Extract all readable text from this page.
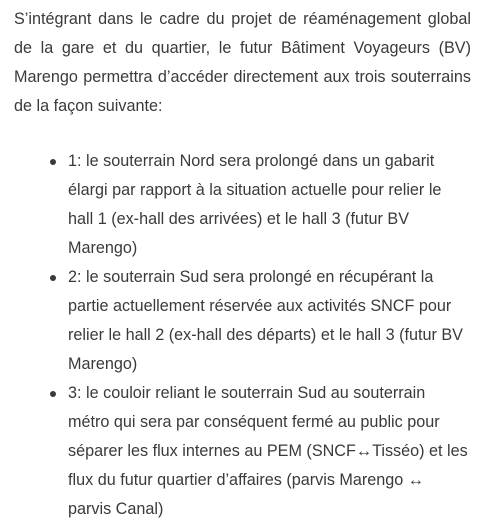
S’intégrant dans le cadre du projet de réaménagement global de la gare et du quartier, le futur Bâtiment Voyageurs (BV) Marengo permettra d’accéder directement aux trois souterrains de la façon suivante:

1: le souterrain Nord sera prolongé dans un gabarit élargi par rapport à la situation actuelle pour relier le hall 1 (ex-hall des arrivées) et le hall 3 (futur BV Marengo)
2: le souterrain Sud sera prolongé en récupérant la partie actuellement réservée aux activités SNCF pour relier le hall 2 (ex-hall des départs) et le hall 3 (futur BV Marengo)
3: le couloir reliant le souterrain Sud au souterrain métro qui sera par conséquent fermé au public pour séparer les flux internes au PEM (SNCF↔Tisséo) et les flux du futur quartier d’affaires (parvis Marengo ↔ parvis Canal)
